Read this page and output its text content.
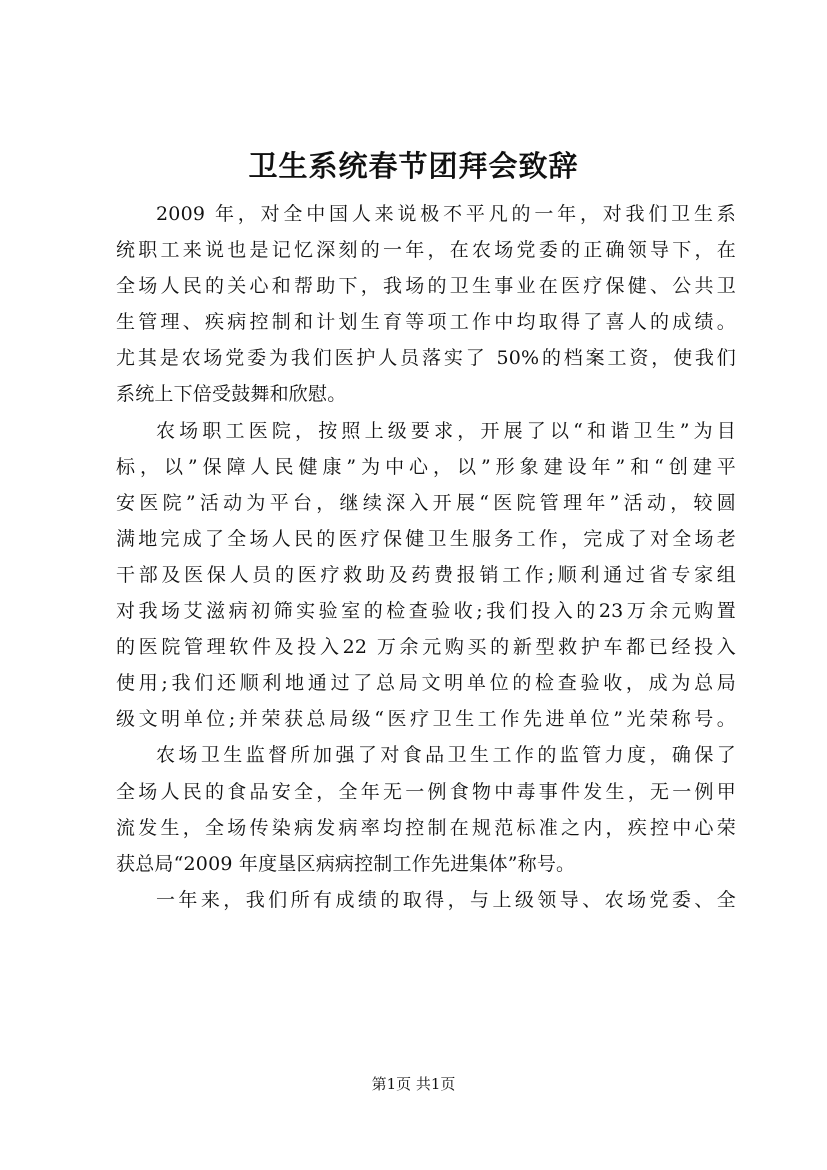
卫生系统春节团拜会致辞
2009 年，对全中国人来说极不平凡的一年，对我们卫生系
统职工来说也是记忆深刻的一年，在农场党委的正确领导下，在
全场人民的关心和帮助下，我场的卫生事业在医疗保健、公共卫
生管理、疾病控制和计划生育等项工作中均取得了喜人的成绩。
尤其是农场党委为我们医护人员落实了 50%的档案工资，使我们
系统上下倍受鼓舞和欣慰。
农场职工医院，按照上级要求，开展了以“和谐卫生”为目
标，以”保障人民健康”为中心，以”形象建设年”和“创建平
安医院”活动为平台，继续深入开展“医院管理年”活动，较圆
满地完成了全场人民的医疗保健卫生服务工作，完成了对全场老
干部及医保人员的医疗救助及药费报销工作;顺利通过省专家组
对我场艾滋病初筛实验室的检查验收;我们投入的23万余元购置
的医院管理软件及投入22 万余元购买的新型救护车都已经投入
使用;我们还顺利地通过了总局文明单位的检查验收，成为总局
级文明单位;并荣获总局级“医疗卫生工作先进单位”光荣称号。
农场卫生监督所加强了对食品卫生工作的监管力度，确保了
全场人民的食品安全，全年无一例食物中毒事件发生，无一例甲
流发生，全场传染病发病率均控制在规范标准之内，疾控中心荣
获总局“2009 年度垦区病病控制工作先进集体”称号。
一年来，我们所有成绩的取得，与上级领导、农场党委、全
第1页 共1页
